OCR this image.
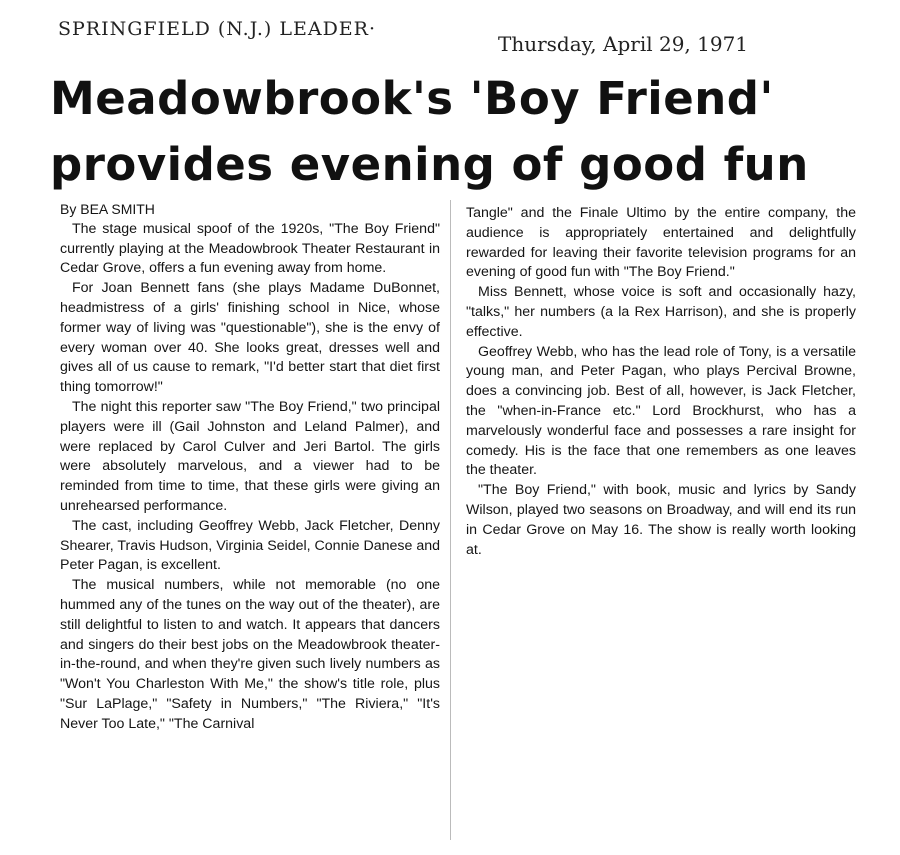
SPRINGFIELD (N.J.) LEADER·
Thursday, April 29, 1971
Meadowbrook's 'Boy Friend'
provides evening of good fun

By BEA SMITH

The stage musical spoof of the 1920s, "The Boy Friend" currently playing at the Meadowbrook Theater Restaurant in Cedar Grove, offers a fun evening away from home.

For Joan Bennett fans (she plays Madame DuBonnet, headmistress of a girls' finishing school in Nice, whose former way of living was "questionable"), she is the envy of every woman over 40. She looks great, dresses well and gives all of us cause to remark, "I'd better start that diet first thing tomorrow!"

The night this reporter saw "The Boy Friend," two principal players were ill (Gail Johnston and Leland Palmer), and were replaced by Carol Culver and Jeri Bartol. The girls were absolutely marvelous, and a viewer had to be reminded from time to time, that these girls were giving an unrehearsed performance.

The cast, including Geoffrey Webb, Jack Fletcher, Denny Shearer, Travis Hudson, Virginia Seidel, Connie Danese and Peter Pagan, is excellent.

The musical numbers, while not memorable (no one hummed any of the tunes on the way out of the theater), are still delightful to listen to and watch. It appears that dancers and singers do their best jobs on the Meadowbrook theater-in-the-round, and when they're given such lively numbers as "Won't You Charleston With Me," the show's title role, plus "Sur LaPlage," "Safety in Numbers," "The Riviera," "It's Never Too Late," "The Carnival

Tangle" and the Finale Ultimo by the entire company, the audience is appropriately entertained and delightfully rewarded for leaving their favorite television programs for an evening of good fun with "The Boy Friend."

Miss Bennett, whose voice is soft and occasionally hazy, "talks," her numbers (a la Rex Harrison), and she is properly effective.

Geoffrey Webb, who has the lead role of Tony, is a versatile young man, and Peter Pagan, who plays Percival Browne, does a convincing job. Best of all, however, is Jack Fletcher, the "when-in-France etc." Lord Brockhurst, who has a marvelously wonderful face and possesses a rare insight for comedy. His is the face that one remembers as one leaves the theater.

"The Boy Friend," with book, music and lyrics by Sandy Wilson, played two seasons on Broadway, and will end its run in Cedar Grove on May 16. The show is really worth looking at.
